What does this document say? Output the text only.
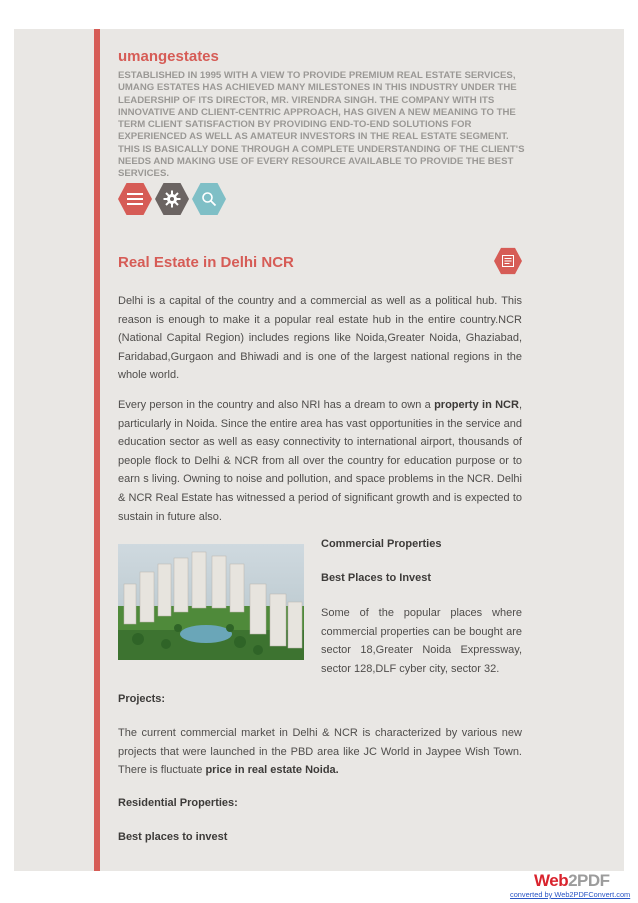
umangestates
ESTABLISHED IN 1995 WITH A VIEW TO PROVIDE PREMIUM REAL ESTATE SERVICES, UMANG ESTATES HAS ACHIEVED MANY MILESTONES IN THIS INDUSTRY UNDER THE LEADERSHIP OF ITS DIRECTOR, MR. VIRENDRA SINGH. THE COMPANY WITH ITS INNOVATIVE AND CLIENT-CENTRIC APPROACH, HAS GIVEN A NEW MEANING TO THE TERM CLIENT SATISFACTION BY PROVIDING END-TO-END SOLUTIONS FOR EXPERIENCED AS WELL AS AMATEUR INVESTORS IN THE REAL ESTATE SEGMENT. THIS IS BASICALLY DONE THROUGH A COMPLETE UNDERSTANDING OF THE CLIENT'S NEEDS AND MAKING USE OF EVERY RESOURCE AVAILABLE TO PROVIDE THE BEST SERVICES.
Real Estate in Delhi NCR
Delhi is a capital of the country and a commercial as well as a political hub. This reason is enough to make it a popular real estate hub in the entire country.NCR (National Capital Region) includes regions like Noida,Greater Noida, Ghaziabad, Faridabad,Gurgaon and Bhiwadi and is one of the largest national regions in the whole world.
Every person in the country and also NRI has a dream to own a property in NCR, particularly in Noida. Since the entire area has vast opportunities in the service and education sector as well as easy connectivity to international airport, thousands of people flock to Delhi & NCR from all over the country for education purpose or to earn s living. Owning to noise and pollution, and space problems in the NCR. Delhi & NCR Real Estate has witnessed a period of significant growth and is expected to sustain in future also.
Commercial Properties
Best Places to Invest
Some of the popular places where commercial properties can be bought are sector 18,Greater Noida Expressway, sector 128,DLF cyber city, sector 32.
Projects:
The current commercial market in Delhi & NCR is characterized by various new projects that were launched in the PBD area like JC World in Jaypee Wish Town. There is fluctuate price in real estate Noida.
Residential Properties:
Best places to invest
Web2PDF
converted by Web2PDFConvert.com
